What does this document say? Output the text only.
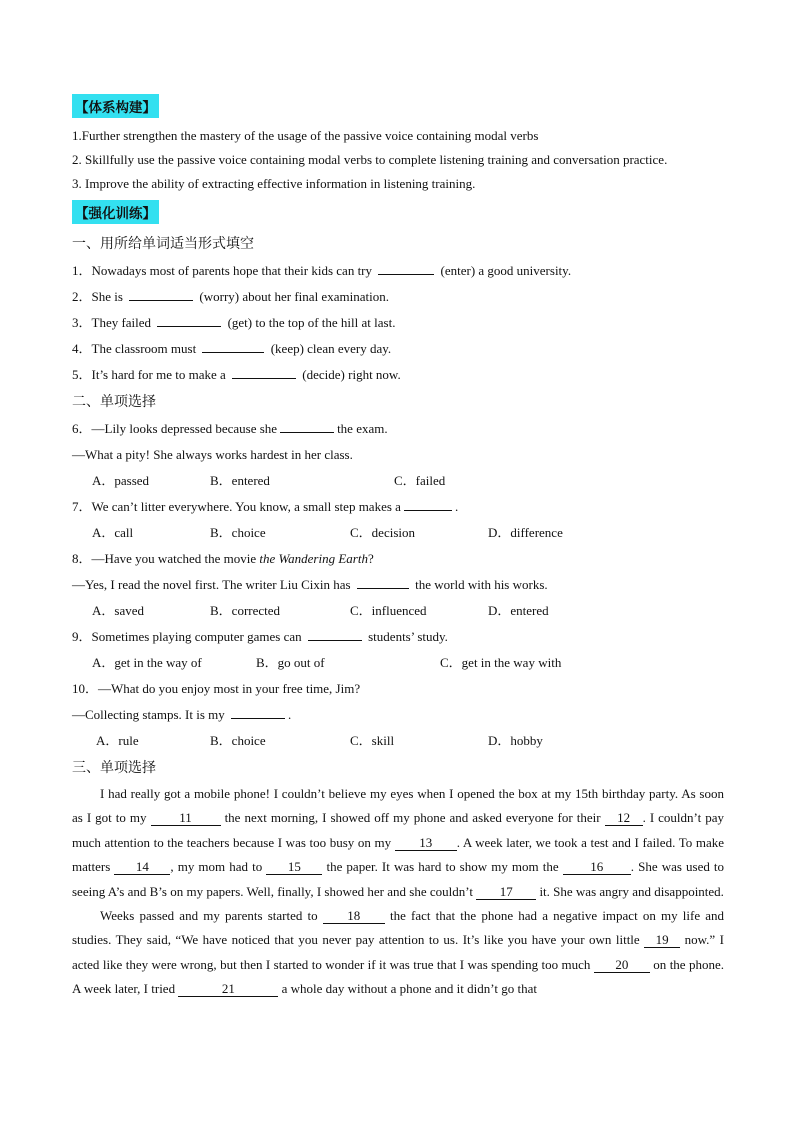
【体系构建】
1.Further strengthen the mastery of the usage of the passive voice containing modal verbs
2. Skillfully use the passive voice containing modal verbs to complete listening training and conversation practice.
3. Improve the ability of extracting effective information in listening training.
【强化训练】
一、用所给单词适当形式填空
1．Nowadays most of parents hope that their kids can try	(enter) a good university.
2．She is	(worry) about her final examination.
3．They failed	(get) to the top of the hill at last.
4．The classroom must	(keep) clean every day.
5．It’s hard for me to make a	(decide) right now.
二、单项选择
6．—Lily looks depressed because she	the exam.
—What a pity! She always works hardest in her class.
A．passed	B．entered	C．failed
7．We can’t litter everywhere. You know, a small step makes a	.
A．call	B．choice	C．decision	D．difference
8．—Have you watched the movie the Wandering Earth?
—Yes, I read the novel first. The writer Liu Cixin has	the world with his works.
A．saved	B．corrected	C．influenced	D．entered
9．Sometimes playing computer games can	students’ study.
A．get in the way of	B．go out of	C．get in the way with
10．—What do you enjoy most in your free time, Jim?
—Collecting stamps. It is my	.
A．rule	B．choice	C．skill	D．hobby
三、单项选择
I had really got a mobile phone! I couldn’t believe my eyes when I opened the box at my 15th birthday party. As soon as I got to my	11	the next morning, I showed off my phone and asked everyone for their 12 . I couldn’t pay much attention to the teachers because I was too busy on my 13 . A week later, we took a test and I failed. To make matters 14 , my mom had to 15 the paper. It was hard to show my mom the 16 . She was used to seeing A’s and B’s on my papers. Well, finally, I showed her and she couldn’t 17 it. She was angry and disappointed.
Weeks passed and my parents started to 18 the fact that the phone had a negative impact on my life and studies. They said, “We have noticed that you never pay attention to us. It’s like you have your own little 19 now.” I acted like they were wrong, but then I started to wonder if it was true that I was spending too much 20 on the phone. A week later, I tried	21	a whole day without a phone and it didn’t go that
